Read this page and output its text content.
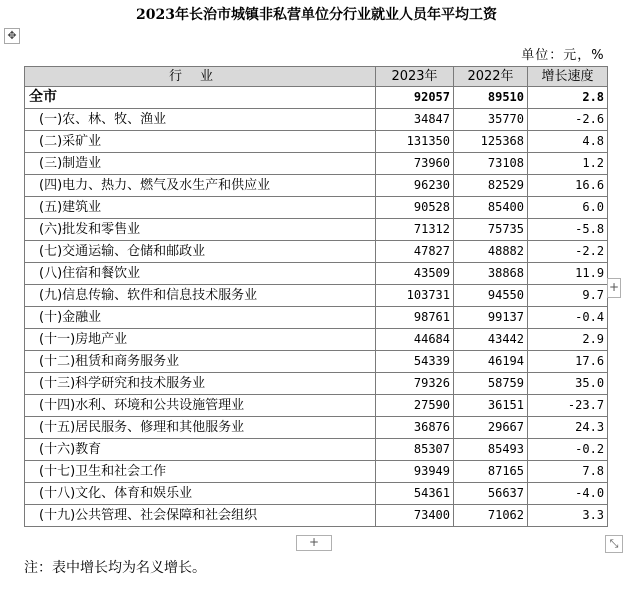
2023年长治市城镇非私营单位分行业就业人员年平均工资
✥
单位：元，%			
行业	2023年	2022年	增长速度
全市	92057	89510	2.8
(一)农、林、牧、渔业	34847	35770	-2.6
(二)采矿业	131350	125368	4.8
(三)制造业	73960	73108	1.2
(四)电力、热力、燃气及水生产和供应业	96230	82529	16.6
(五)建筑业	90528	85400	6.0
(六)批发和零售业	71312	75735	-5.8
(七)交通运输、仓储和邮政业	47827	48882	-2.2
(八)住宿和餐饮业	43509	38868	11.9
(九)信息传输、软件和信息技术服务业	103731	94550	9.7
(十)金融业	98761	99137	-0.4
(十一)房地产业	44684	43442	2.9
(十二)租赁和商务服务业	54339	46194	17.6
(十三)科学研究和技术服务业	79326	58759	35.0
(十四)水利、环境和公共设施管理业	27590	36151	-23.7
(十五)居民服务、修理和其他服务业	36876	29667	24.3
(十六)教育	85307	85493	-0.2
(十七)卫生和社会工作	93949	87165	7.8
(十八)文化、体育和娱乐业	54361	56637	-4.0
(十九)公共管理、社会保障和社会组织	73400	71062	3.3
+
+	⤡
注：表中增长均为名义增长。
